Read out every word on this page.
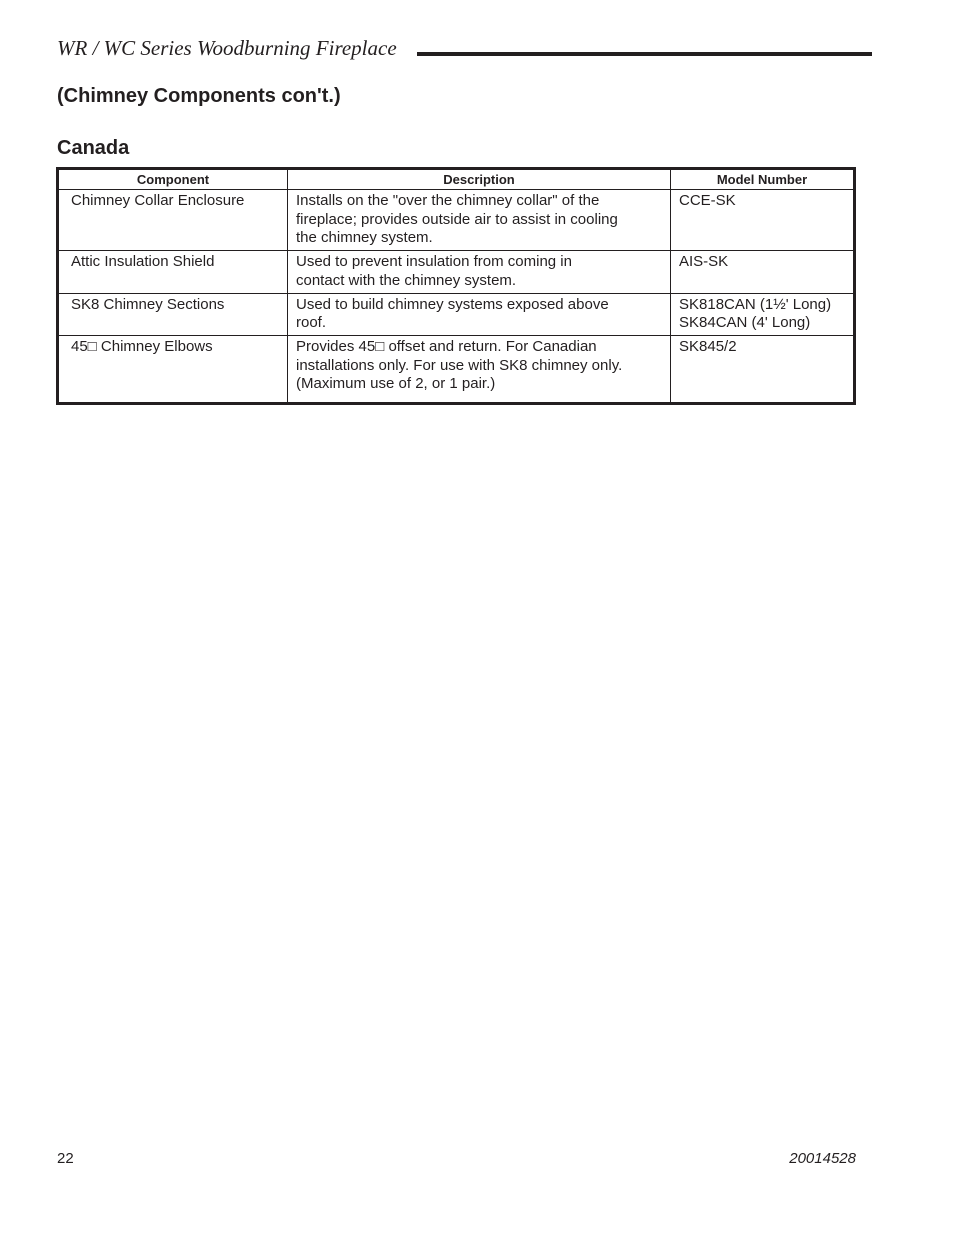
WR / WC Series Woodburning Fireplace
(Chimney Components con't.)
Canada
Component	Description	Model Number
Chimney Collar Enclosure	Installs on the "over the chimney collar" of the
fireplace; provides outside air to assist in cooling
the chimney system.	CCE-SK

Attic Insulation Shield	Used to prevent insulation from coming in
contact with the chimney system.	AIS-SK

SK8 Chimney Sections	Used to build chimney systems exposed above
roof.	SK818CAN (1½' Long)
SK84CAN (4' Long)

45□ Chimney Elbows	Provides 45□ offset and return. For Canadian
installations only. For use with SK8 chimney only.
(Maximum use of 2, or 1 pair.)	SK845/2
22	20014528
